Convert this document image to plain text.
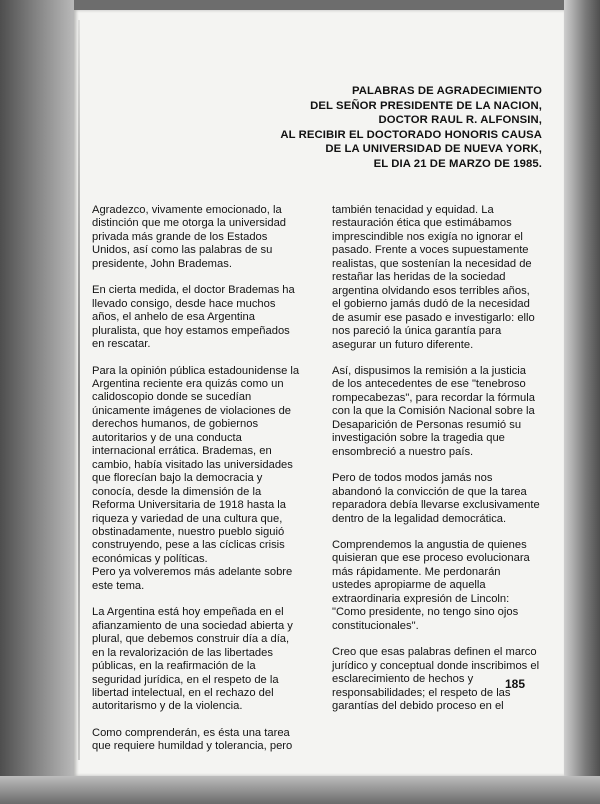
PALABRAS DE AGRADECIMIENTO
DEL SEÑOR PRESIDENTE DE LA NACION,
DOCTOR RAUL R. ALFONSIN,
AL RECIBIR EL DOCTORADO HONORIS CAUSA
DE LA UNIVERSIDAD DE NUEVA YORK,
EL DIA 21 DE MARZO DE 1985.

Agradezco, vivamente emocionado, la distinción que me otorga la universidad privada más grande de los Estados Unidos, así como las palabras de su presidente, John Brademas.

En cierta medida, el doctor Brademas ha llevado consigo, desde hace muchos años, el anhelo de esa Argentina pluralista, que hoy estamos empeñados en rescatar.

Para la opinión pública estadounidense la Argentina reciente era quizás como un calidoscopio donde se sucedían únicamente imágenes de violaciones de derechos humanos, de gobiernos autoritarios y de una conducta internacional errática. Brademas, en cambio, había visitado las universidades que florecían bajo la democracia y conocía, desde la dimensión de la Reforma Universitaria de 1918 hasta la riqueza y variedad de una cultura que, obstinadamente, nuestro pueblo siguió construyendo, pese a las cíclicas crisis económicas y políticas.

Pero ya volveremos más adelante sobre este tema.

La Argentina está hoy empeñada en el afianzamiento de una sociedad abierta y plural, que debemos construir día a día, en la revalorización de las libertades públicas, en la reafirmación de la seguridad jurídica, en el respeto de la libertad intelectual, en el rechazo del autoritarismo y de la violencia.

Como comprenderán, es ésta una tarea que requiere humildad y tolerancia, pero

también tenacidad y equidad. La restauración ética que estimábamos imprescindible nos exigía no ignorar el pasado. Frente a voces supuestamente realistas, que sostenían la necesidad de restañar las heridas de la sociedad argentina olvidando esos terribles años, el gobierno jamás dudó de la necesidad de asumir ese pasado e investigarlo: ello nos pareció la única garantía para asegurar un futuro diferente.

Así, dispusimos la remisión a la justicia de los antecedentes de ese "tenebroso rompecabezas", para recordar la fórmula con la que la Comisión Nacional sobre la Desaparición de Personas resumió su investigación sobre la tragedia que ensombreció a nuestro país.

Pero de todos modos jamás nos abandonó la convicción de que la tarea reparadora debía llevarse exclusivamente dentro de la legalidad democrática.

Comprendemos la angustia de quienes quisieran que ese proceso evolucionara más rápidamente. Me perdonarán ustedes apropiarme de aquella extraordinaria expresión de Lincoln: "Como presidente, no tengo sino ojos constitucionales".

Creo que esas palabras definen el marco jurídico y conceptual donde inscribimos el esclarecimiento de hechos y responsabilidades; el respeto de las garantías del debido proceso en el

185
